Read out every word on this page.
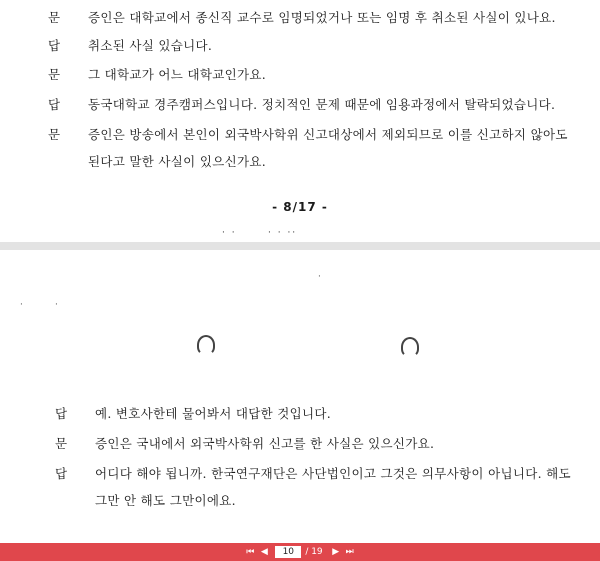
문	증인은 대학교에서 종신직 교수로 임명되었거나 또는 임명 후 취소된 사실이 있나요.
답	취소된 사실 있습니다.
문	그 대학교가 어느 대학교인가요.
답	동국대학교 경주캠퍼스입니다. 정치적인 문제 때문에 임용과정에서 탈락되었습니다.
문	증인은 방송에서 본인이 외국박사학위 신고대상에서 제외되므로 이를 신고하지 않아도
된다고 말한 사실이 있으신가요.
- 8/17 -
· ·	· · ··
·	·
·
답	예. 변호사한테 물어봐서 대답한 것입니다.
문	증인은 국내에서 외국박사학위 신고를 한 사실은 있으신가요.
답	어디다 해야 됩니까. 한국연구재단은 사단법인이고 그것은 의무사항이 아닙니다. 해도
그만 안 해도 그만이에요.
⏮ ◀
10	/ 19	▶ ⏭
